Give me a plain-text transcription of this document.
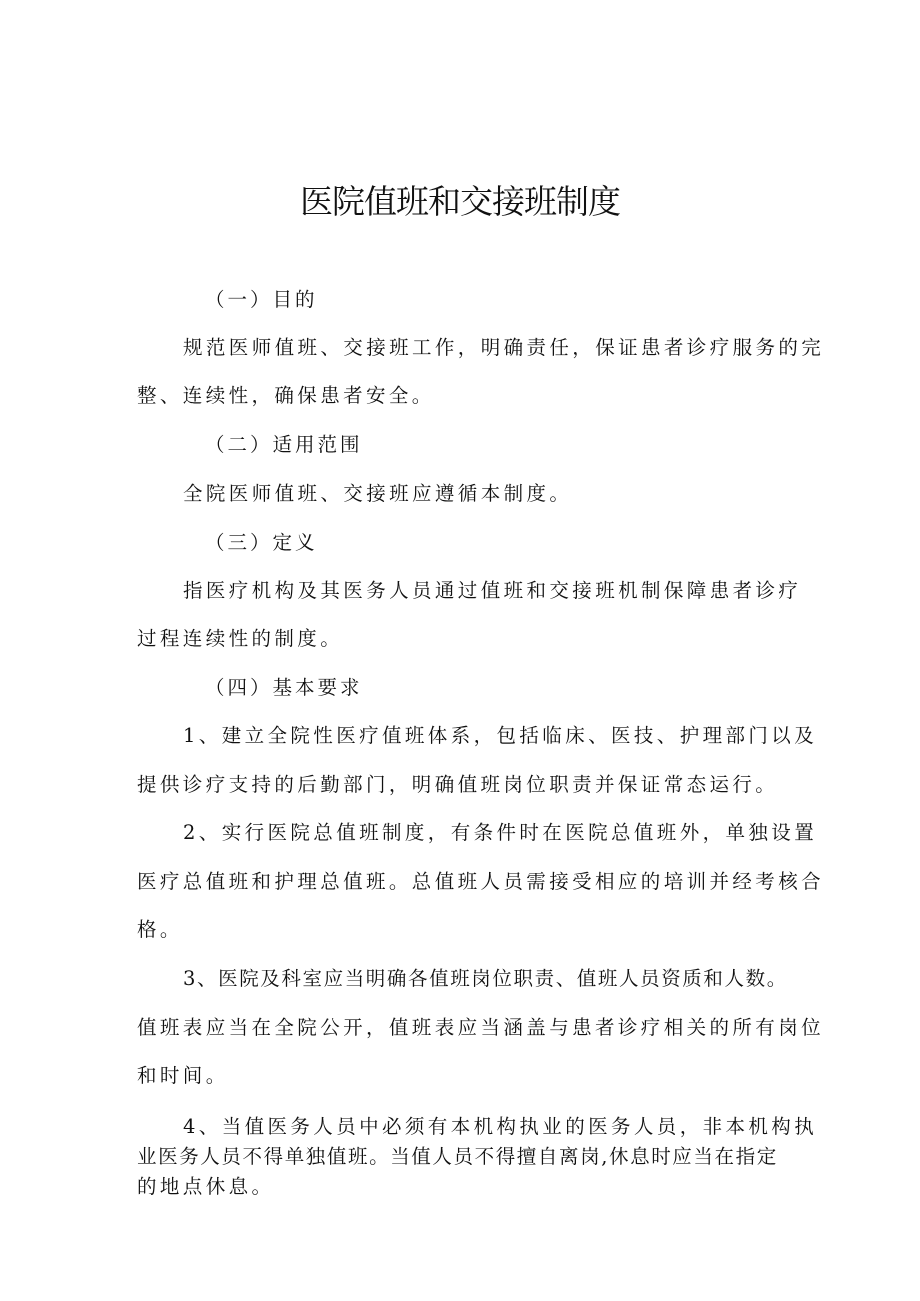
医院值班和交接班制度
（一）目的
规范医师值班、交接班工作，明确责任，保证患者诊疗服务的完
整、连续性，确保患者安全。
（二）适用范围
全院医师值班、交接班应遵循本制度。
（三）定义
指医疗机构及其医务人员通过值班和交接班机制保障患者诊疗
过程连续性的制度。
（四）基本要求
1、建立全院性医疗值班体系，包括临床、医技、护理部门以及
提供诊疗支持的后勤部门，明确值班岗位职责并保证常态运行。
2、实行医院总值班制度，有条件时在医院总值班外，单独设置
医疗总值班和护理总值班。总值班人员需接受相应的培训并经考核合
格。
3、医院及科室应当明确各值班岗位职责、值班人员资质和人数。
值班表应当在全院公开，值班表应当涵盖与患者诊疗相关的所有岗位
和时间。
4、当值医务人员中必须有本机构执业的医务人员，非本机构执
业医务人员不得单独值班。当值人员不得擅自离岗,休息时应当在指定
的地点休息。
